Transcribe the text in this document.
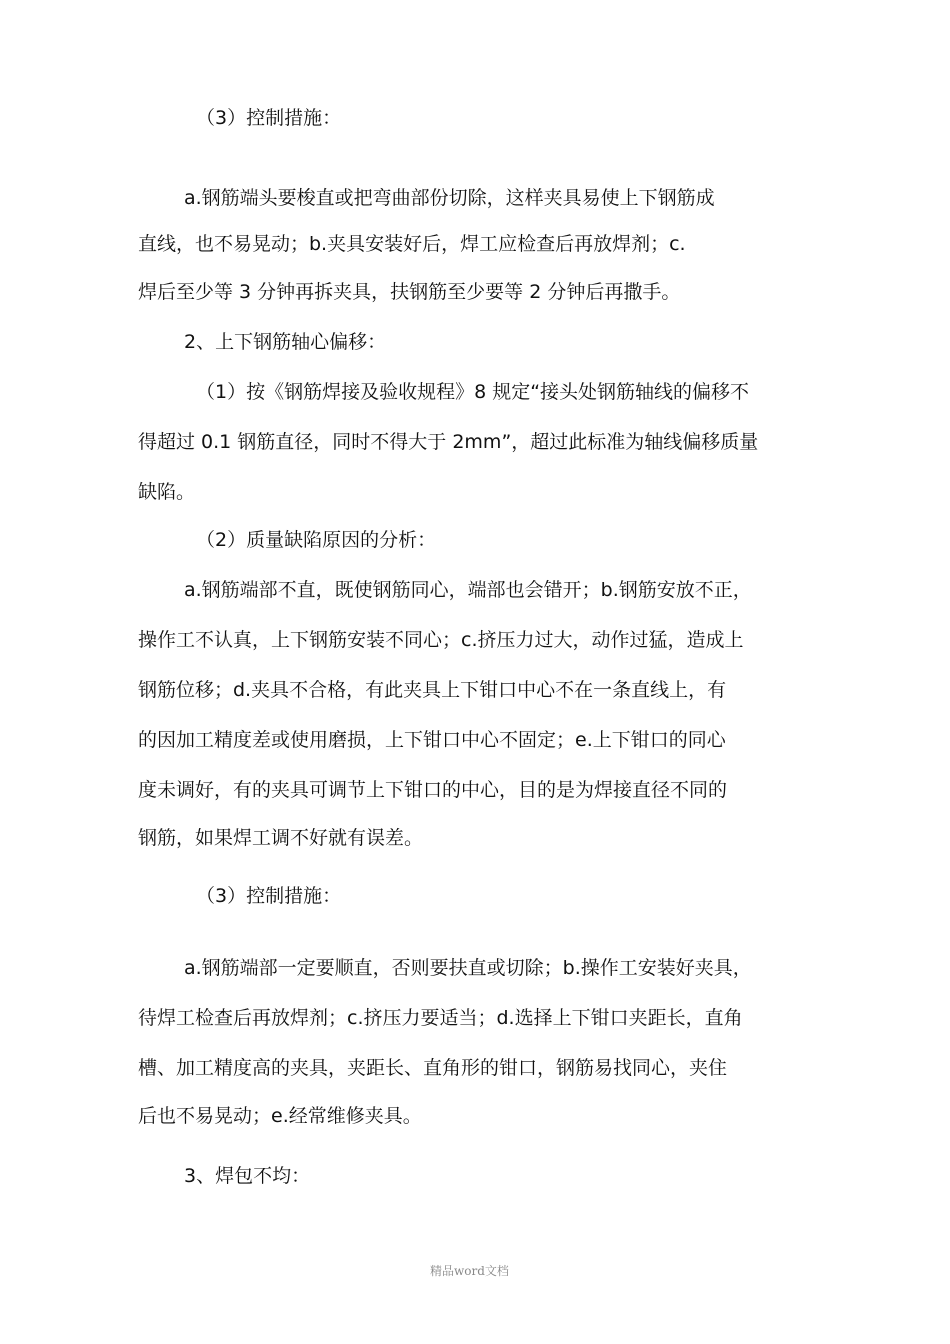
（3）控制措施：
a.钢筋端头要梭直或把弯曲部份切除，这样夹具易使上下钢筋成
直线，也不易晃动；b.夹具安装好后，焊工应检查后再放焊剂；c.
焊后至少等 3 分钟再拆夹具，扶钢筋至少要等 2 分钟后再撒手。
2、上下钢筋轴心偏移：
（1）按《钢筋焊接及验收规程》8 规定“接头处钢筋轴线的偏移不
得超过 0.1 钢筋直径，同时不得大于 2mm”，超过此标准为轴线偏移质量
缺陷。
（2）质量缺陷原因的分析：
a.钢筋端部不直，既使钢筋同心，端部也会错开；b.钢筋安放不正，
操作工不认真，上下钢筋安装不同心；c.挤压力过大，动作过猛，造成上
钢筋位移；d.夹具不合格，有此夹具上下钳口中心不在一条直线上，有
的因加工精度差或使用磨损，上下钳口中心不固定；e.上下钳口的同心
度未调好，有的夹具可调节上下钳口的中心，目的是为焊接直径不同的
钢筋，如果焊工调不好就有误差。
（3）控制措施：
a.钢筋端部一定要顺直，否则要扶直或切除；b.操作工安装好夹具，
待焊工检查后再放焊剂；c.挤压力要适当；d.选择上下钳口夹距长，直角
槽、加工精度高的夹具，夹距长、直角形的钳口，钢筋易找同心，夹住
后也不易晃动；e.经常维修夹具。
3、焊包不均：
精品word文档
